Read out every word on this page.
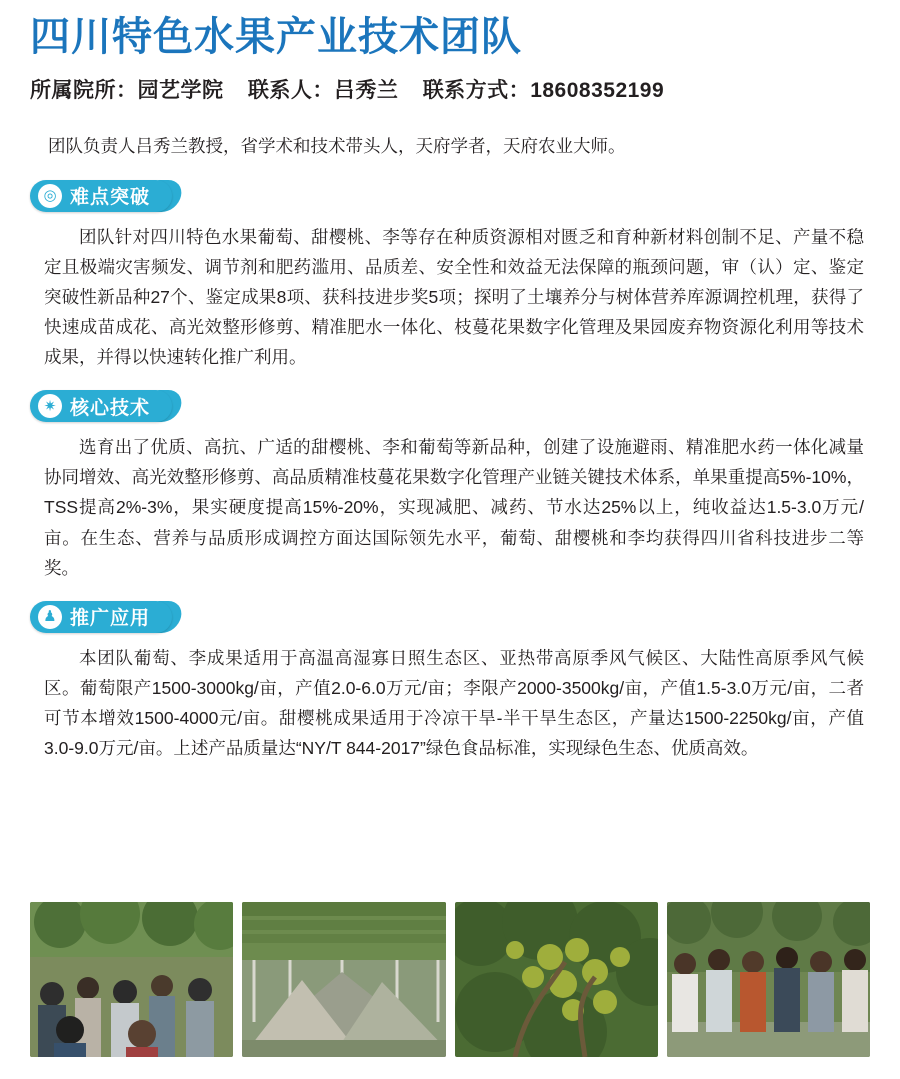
四川特色水果产业技术团队
所属院所：园艺学院 联系人：吕秀兰 联系方式：18608352199
团队负责人吕秀兰教授，省学术和技术带头人，天府学者，天府农业大师。
◎ 难点突破
团队针对四川特色水果葡萄、甜樱桃、李等存在种质资源相对匮乏和育种新材料创制不足、产量不稳定且极端灾害频发、调节剂和肥药滥用、品质差、安全性和效益无法保障的瓶颈问题，审（认）定、鉴定突破性新品种27个、鉴定成果8项、获科技进步奖5项；探明了土壤养分与树体营养库源调控机理，获得了快速成苗成花、高光效整形修剪、精准肥水一体化、枝蔓花果数字化管理及果园废弃物资源化利用等技术成果，并得以快速转化推广利用。
✷ 核心技术
选育出了优质、高抗、广适的甜樱桃、李和葡萄等新品种，创建了设施避雨、精准肥水药一体化减量协同增效、高光效整形修剪、高品质精准枝蔓花果数字化管理产业链关键技术体系，单果重提高5%-10%，TSS提高2%-3%，果实硬度提高15%-20%，实现减肥、减药、节水达25%以上，纯收益达1.5-3.0万元/亩。在生态、营养与品质形成调控方面达国际领先水平，葡萄、甜樱桃和李均获得四川省科技进步二等奖。
♟ 推广应用
本团队葡萄、李成果适用于高温高湿寡日照生态区、亚热带高原季风气候区、大陆性高原季风气候区。葡萄限产1500-3000kg/亩，产值2.0-6.0万元/亩；李限产2000-3500kg/亩，产值1.5-3.0万元/亩，二者可节本增效1500-4000元/亩。甜樱桃成果适用于冷凉干旱-半干旱生态区，产量达1500-2250kg/亩，产值3.0-9.0万元/亩。上述产品质量达“NY/T 844-2017”绿色食品标准，实现绿色生态、优质高效。
